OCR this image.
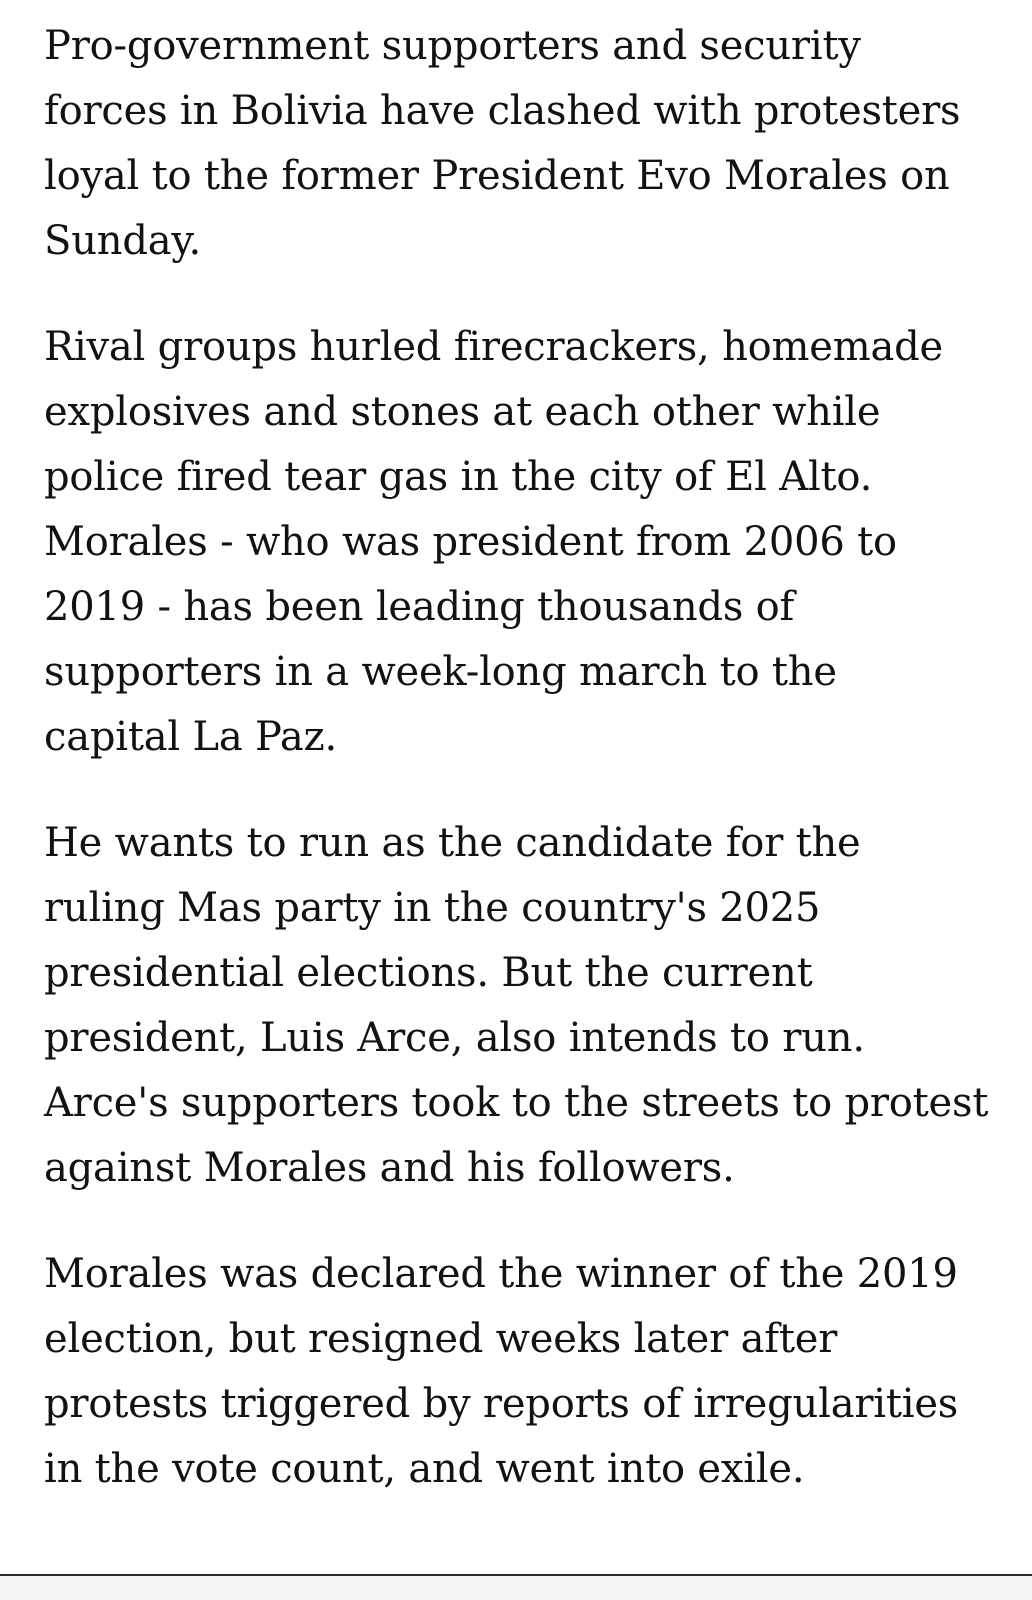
Pro-government supporters and security
forces in Bolivia have clashed with protesters
loyal to the former President Evo Morales on
Sunday.

Rival groups hurled firecrackers, homemade
explosives and stones at each other while
police fired tear gas in the city of El Alto.
Morales - who was president from 2006 to
2019 - has been leading thousands of
supporters in a week-long march to the
capital La Paz.

He wants to run as the candidate for the
ruling Mas party in the country's 2025
presidential elections. But the current
president, Luis Arce, also intends to run.
Arce's supporters took to the streets to protest
against Morales and his followers.

Morales was declared the winner of the 2019
election, but resigned weeks later after
protests triggered by reports of irregularities
in the vote count, and went into exile.
